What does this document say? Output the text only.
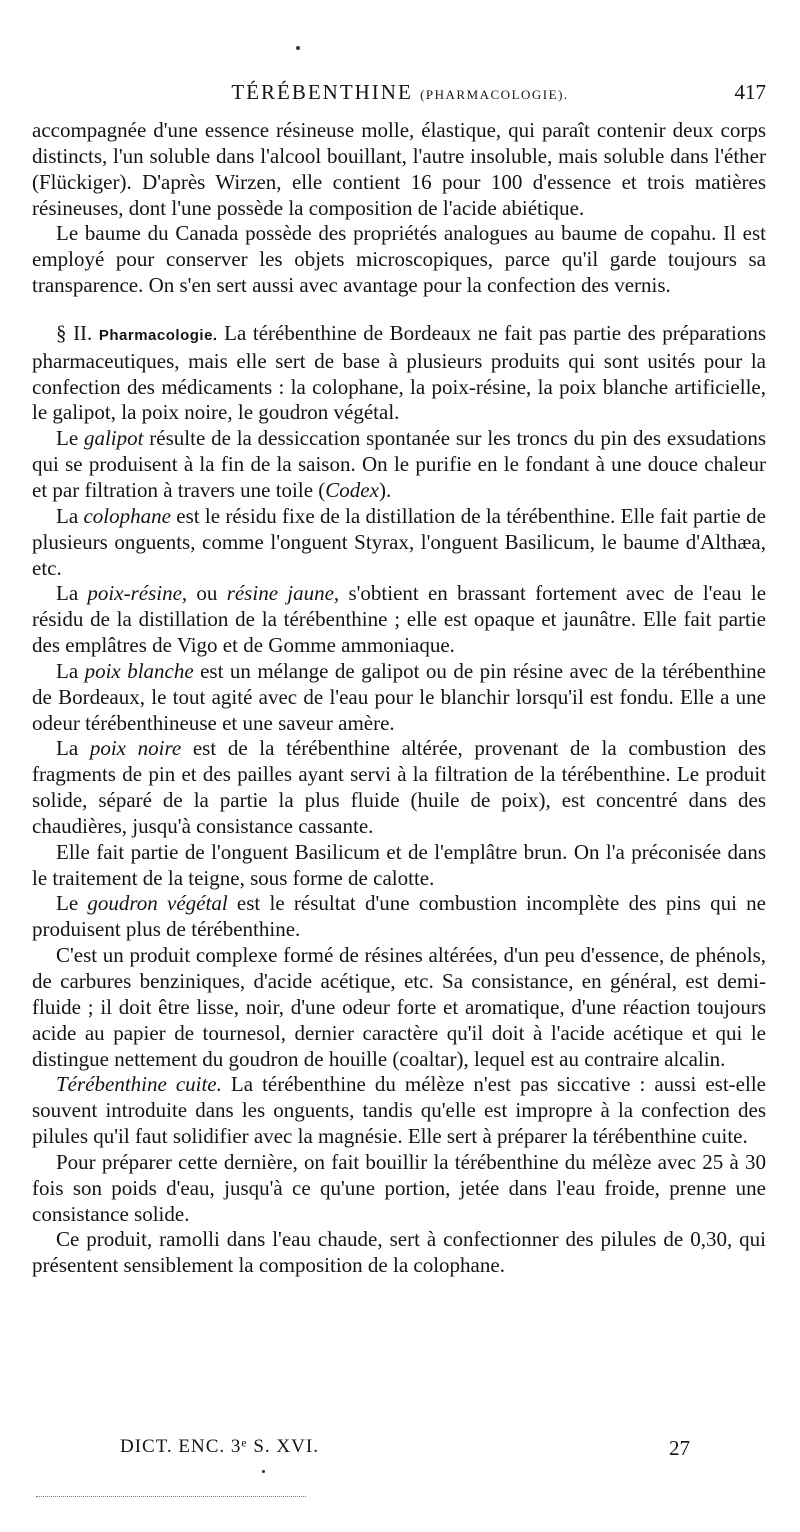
TÉRÉBENTHINE (PHARMACOLOGIE).	417

accompagnée d'une essence résineuse molle, élastique, qui paraît contenir deux corps distincts, l'un soluble dans l'alcool bouillant, l'autre insoluble, mais soluble dans l'éther (Flückiger). D'après Wirzen, elle contient 16 pour 100 d'essence et trois matières résineuses, dont l'une possède la composition de l'acide abiétique.

Le baume du Canada possède des propriétés analogues au baume de copahu. Il est employé pour conserver les objets microscopiques, parce qu'il garde toujours sa transparence. On s'en sert aussi avec avantage pour la confection des vernis.

§ II. Pharmacologie. La térébenthine de Bordeaux ne fait pas partie des préparations pharmaceutiques, mais elle sert de base à plusieurs produits qui sont usités pour la confection des médicaments : la colophane, la poix-résine, la poix blanche artificielle, le galipot, la poix noire, le goudron végétal.

Le galipot résulte de la dessiccation spontanée sur les troncs du pin des exsudations qui se produisent à la fin de la saison. On le purifie en le fondant à une douce chaleur et par filtration à travers une toile (Codex).

La colophane est le résidu fixe de la distillation de la térébenthine. Elle fait partie de plusieurs onguents, comme l'onguent Styrax, l'onguent Basilicum, le baume d'Althæa, etc.

La poix-résine, ou résine jaune, s'obtient en brassant fortement avec de l'eau le résidu de la distillation de la térébenthine ; elle est opaque et jaunâtre. Elle fait partie des emplâtres de Vigo et de Gomme ammoniaque.

La poix blanche est un mélange de galipot ou de pin résine avec de la térébenthine de Bordeaux, le tout agité avec de l'eau pour le blanchir lorsqu'il est fondu. Elle a une odeur térébenthineuse et une saveur amère.

La poix noire est de la térébenthine altérée, provenant de la combustion des fragments de pin et des pailles ayant servi à la filtration de la térébenthine. Le produit solide, séparé de la partie la plus fluide (huile de poix), est concentré dans des chaudières, jusqu'à consistance cassante.

Elle fait partie de l'onguent Basilicum et de l'emplâtre brun. On l'a préconisée dans le traitement de la teigne, sous forme de calotte.

Le goudron végétal est le résultat d'une combustion incomplète des pins qui ne produisent plus de térébenthine.

C'est un produit complexe formé de résines altérées, d'un peu d'essence, de phénols, de carbures benziniques, d'acide acétique, etc. Sa consistance, en général, est demi-fluide ; il doit être lisse, noir, d'une odeur forte et aromatique, d'une réaction toujours acide au papier de tournesol, dernier caractère qu'il doit à l'acide acétique et qui le distingue nettement du goudron de houille (coaltar), lequel est au contraire alcalin.

Térébenthine cuite. La térébenthine du mélèze n'est pas siccative : aussi est-elle souvent introduite dans les onguents, tandis qu'elle est impropre à la confection des pilules qu'il faut solidifier avec la magnésie. Elle sert à préparer la térébenthine cuite.

Pour préparer cette dernière, on fait bouillir la térébenthine du mélèze avec 25 à 30 fois son poids d'eau, jusqu'à ce qu'une portion, jetée dans l'eau froide, prenne une consistance solide.

Ce produit, ramolli dans l'eau chaude, sert à confectionner des pilules de 0,30, qui présentent sensiblement la composition de la colophane.

DICT. ENC. 3e S. XVI.	27
